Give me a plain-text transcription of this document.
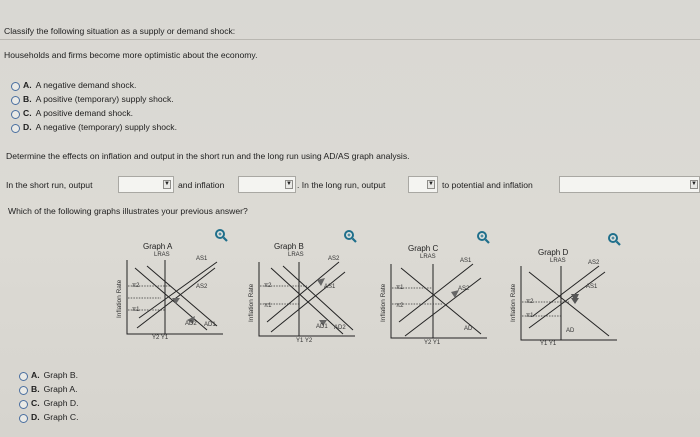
Classify the following situation as a supply or demand shock:
Households and firms become more optimistic about the economy.
A. A negative demand shock.
B. A positive (temporary) supply shock.
C. A positive demand shock.
D. A negative (temporary) supply shock.
Determine the effects on inflation and output in the short run and the long run using AD/AS graph analysis.
In the short run, output	▼ and inflation	▼ . In the long run, output	▼ to potential and inflation	▼
Which of the following graphs illustrates your previous answer?
Graph A
LRAS
AS1
Inflation Rate	AS2
AD2 AD1
π2
π1
Y2 Y1
Graph B
LRAS
AS2
Inflation Rate	AS1
AD1 AD2
π2
π1
Y1 Y2
Graph C
LRAS
AS1
Inflation Rate	AS2
AD
π1
π2
Y2 Y1
Graph D
LRAS	AS2
Inflation Rate	AS1
AD
π2
π1
Y1 Y1
A. Graph B.
B. Graph A.
C. Graph D.
D. Graph C.
